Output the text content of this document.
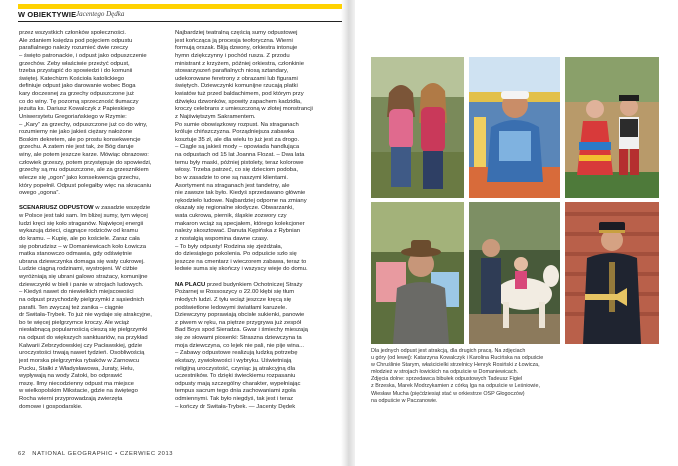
W OBIEKTYWIE Jacentego Dędka
przez wszystkich członków społeczności.
Ale zdaniem księdza pod pojęciem odpustu
parafialnego należy rozumieć dwie rzeczy
– święto patronackie, i odpust jako odpuszczenie
grzechów. Żeby właściwie przeżyć odpust,
trzeba przystąpić do spowiedzi i do komunii
świętej. Katechizm Kościoła katolickiego
definiuje odpust jako darowanie wobec Boga
kary doczesnej za grzechy odpuszczone już
co do winy. Tę pozorną sprzeczność tłumaczy
jezuita ks. Dariusz Kowalczyk z Papieskiego
Uniwersytetu Gregoriańskiego w Rzymie:
– „Kary” za grzechy, odpuszczone już co do winy,
rozumiemy nie jako jakieś ciężary nałożone
Boskim dekretem, ale po prostu konsekwencje
grzechu. A zatem nie jest tak, że Bóg daruje
winy, ale potem jeszcze karze. Mówiąc obrazowo:
człowiek grzeszy, potem przystępuje do spowiedzi,
grzechy są mu odpuszczone, ale za grzesznikiem
wlecze się „ogon” jako konsekwencja grzechu,
który popełnił. Odpust polegałby więc na skracaniu
owego „ogona”.

SCENARIUSZ ODPUSTÓW w zasadzie wszędzie
w Polsce jest taki sam. Im bliżej sumy, tym więcej
ludzi kręci się koło straganów. Najwięcej energii
wykazują dzieci, ciągnące rodziców od kramu
do kramu. – Kupię, ale po kościele. Zaraz cała
się pobrudzisz – w Domaniewicach koło Łowicza
matka stanowczo odmawia, gdy odświętnie
ubrana dziewczynka domaga się waty cukrowej.
Ludzie ciągną rodzinami, wystrojeni. W ciżbie
wyróżniają się ubrani galowo strażacy, komunijne
dziewczynki w bieli i panie w strojach ludowych.
– Kiedyś nawet do niewielkich miejscowości
na odpust przychodziły pielgrzymki z sąsiednich
parafii. Ten zwyczaj też zanika – ciągnie
dr Świtała-Trybek. To już nie wydaje się atrakcyjne,
bo te więcej pielgrzymce kroczy. Ale wciąż
niesłabnącą popularnością cieszą się pielgrzymki
na odpust do większych sanktuariów, na przykład
Kalwarii Zebrzydowskiej czy Pacławskiej, gdzie
uroczystości trwają nawet tydzień. Osobliwością
jest morska pielgrzymka rybaków w Żarnowcu
Pucku, Stałki z Władysławowa, Juraty, Helu,
wypływają na wody Zatoki, bo odprawić
mszę. Ilmy niecodzienny odpust ma miejsce
w wielkopolskim Mikstacie, gdzie na świętego
Rocha wierni przyprowadzają zwierzęta
domowe i gospodarskie.
Najbardziej teatralną częścią sumy odpustowej
jest kończąca ją procesja teoforyczna. Wierni
formują orszak. Bliją dzwony, orkiestra intonuje
hymn dziękczynny i pochód rusza. Z przodu
ministrant z krzyżem, później orkiestra, członkinie
stowarzyszeń parafialnych niosą sztandary,
udekorowane feretrony z obrazami lub figurami
świętych. Dziewczynki komunijne rzucają płatki
kwiatów tuż przed baldachimem, pod którym przy
dźwięku dzwonków, spowity zapachem kadzidła,
kroczy celebrans z umieszczoną w złotej monstrancji
z Najświętszym Sakramentem.
Po sumie obowiązkowy rozpust. Na straganach
króluje chińszczyzna. Porządniejsza zabawka
kosztuje 35 zł, ale dla wielu to już jest za drogo.
– Ciągle są jakieś mody – opowiada handlująca
na odpustach od 15 lat Joanna Flozat. – Dwa lata
temu były maski, później pistolety, teraz kolorowe
włosy. Trzeba patrzeć, co się dzieciom podoba,
bo w zasadzie to one są naszymi klientami.
Asortyment na straganach jest tandetny, ale
nie zawsze tak było. Kiedyś sprzedawano głównie
rękodzieło ludowe. Najbardziej odporne na zmiany
okazały się regionalne słodycze. Obwarzanki,
wata cukrowa, piernik, śląskie zozwory czy
makaron wciąż są specjałem, którego kolekcjoner
należy skosztować. Danuta Kępińska z Rybnian
z nostalgią wspomina dawne czasy.
– To były odpusty! Rodzina się zjeżdżała,
do dziesiątego pokolenia. Po odpuście szło się
jeszcze na cmentarz i wieczorem zabawa, teraz to
ledwie suma się skończy i wszyscy wieje do domu.

NA PLACU przed budynkiem Ochotniczej Straży
Pożarnej w Rossoszycy o 22.00 kłębi się tłum
młodych ludzi. Z tyłu wciąż jeszcze kręcą się
podświetlone ledowymi światłami karuzele.
Dziewczyny poprawiają obcisłe sukienki, panowie
z piwem w ręku, na piętrze przygrywa już zespół
Bad Boys spod Sieradza. Gwar i śmiechy mieszają
się ze słowami piosenki: Straszna dziewczyna ta
moja dziewczyna, co lejek nie pali, nie pije wina...
– Zabawy odpustowe realizują ludzką potrzebę
ekstazy, zywiołowości i wybryku. Uświetniają
religijną uroczystość, czyniąc ją atrakcyjną dla
uczestników. To dzięki świeckiemu rozpasaniu
odpusty mają szczególny charakter, wypełniając
tempus sacrum tego dnia zachowaniami zgoła
odmiennymi. Tak było niegdyś, tak jest i teraz
– kończy dr Świtała-Trybek. — Jacenty Dędek
62 NATIONAL GEOGRAPHIC • CZERWIEC 2013
Dla jednych odpust jest atrakcją, dla drugich pracą. Na zdjęciach
u góry (od lewej): Katarzyna Kowalczyk i Karolina Rucińska na odpuście
w Chruślinie Starym, właścicielki strzelnicy Henryk Rosiński z Łowicza,
młodzież w strojach łowickich na odpuście w Domaniewicach.
Zdjęcia dolne: sprzedawca bibułek odpustowych Tadeusz Figiel
z Brzeska, Marek Modrzykamien z córką Iga na odpuście w Leśniowie,
Wiesław Mucha (pięćdziesiąt stać w orkiestrze OSP Głogoczów)
na odpuście w Paczanowie.
